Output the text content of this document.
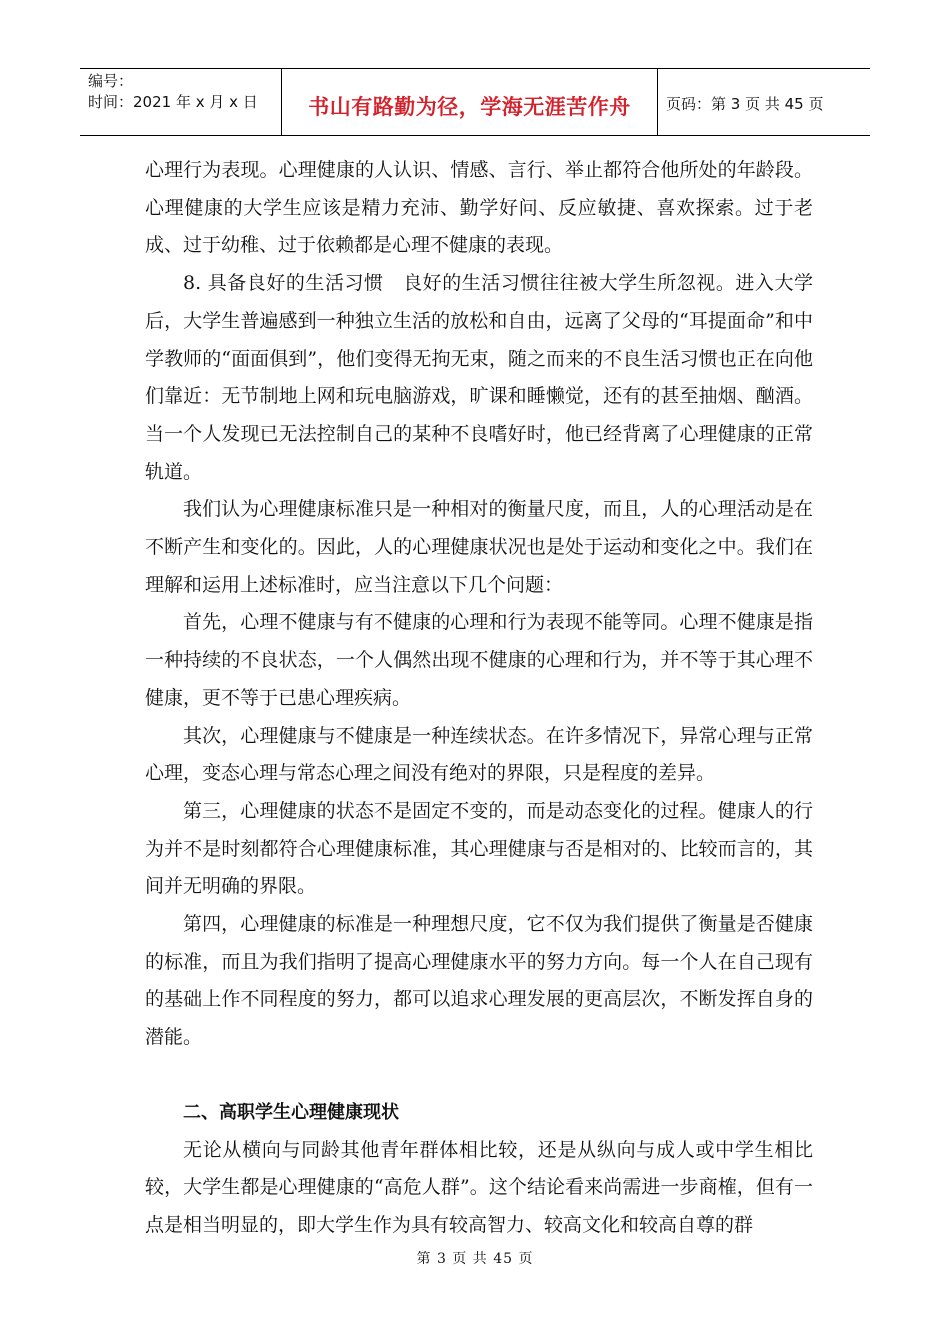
编号：
时间：2021 年 x 月 x 日	书山有路勤为径，学海无涯苦作舟	页码：第 3 页 共 45 页

心理行为表现。心理健康的人认识、情感、言行、举止都符合他所处的年龄段。心理健康的大学生应该是精力充沛、勤学好问、反应敏捷、喜欢探索。过于老成、过于幼稚、过于依赖都是心理不健康的表现。

8. 具备良好的生活习惯　良好的生活习惯往往被大学生所忽视。进入大学后，大学生普遍感到一种独立生活的放松和自由，远离了父母的“耳提面命”和中学教师的“面面俱到”，他们变得无拘无束，随之而来的不良生活习惯也正在向他们靠近：无节制地上网和玩电脑游戏，旷课和睡懒觉，还有的甚至抽烟、酗酒。当一个人发现已无法控制自己的某种不良嗜好时，他已经背离了心理健康的正常轨道。

我们认为心理健康标准只是一种相对的衡量尺度，而且，人的心理活动是在不断产生和变化的。因此，人的心理健康状况也是处于运动和变化之中。我们在理解和运用上述标准时，应当注意以下几个问题：

首先，心理不健康与有不健康的心理和行为表现不能等同。心理不健康是指一种持续的不良状态，一个人偶然出现不健康的心理和行为，并不等于其心理不健康，更不等于已患心理疾病。

其次，心理健康与不健康是一种连续状态。在许多情况下，异常心理与正常心理，变态心理与常态心理之间没有绝对的界限，只是程度的差异。

第三，心理健康的状态不是固定不变的，而是动态变化的过程。健康人的行为并不是时刻都符合心理健康标准，其心理健康与否是相对的、比较而言的，其间并无明确的界限。

第四，心理健康的标准是一种理想尺度，它不仅为我们提供了衡量是否健康的标准，而且为我们指明了提高心理健康水平的努力方向。每一个人在自己现有的基础上作不同程度的努力，都可以追求心理发展的更高层次，不断发挥自身的潜能。

二、高职学生心理健康现状

无论从横向与同龄其他青年群体相比较，还是从纵向与成人或中学生相比较，大学生都是心理健康的“高危人群”。这个结论看来尚需进一步商榷，但有一点是相当明显的，即大学生作为具有较高智力、较高文化和较高自尊的群

第 3 页 共 45 页
